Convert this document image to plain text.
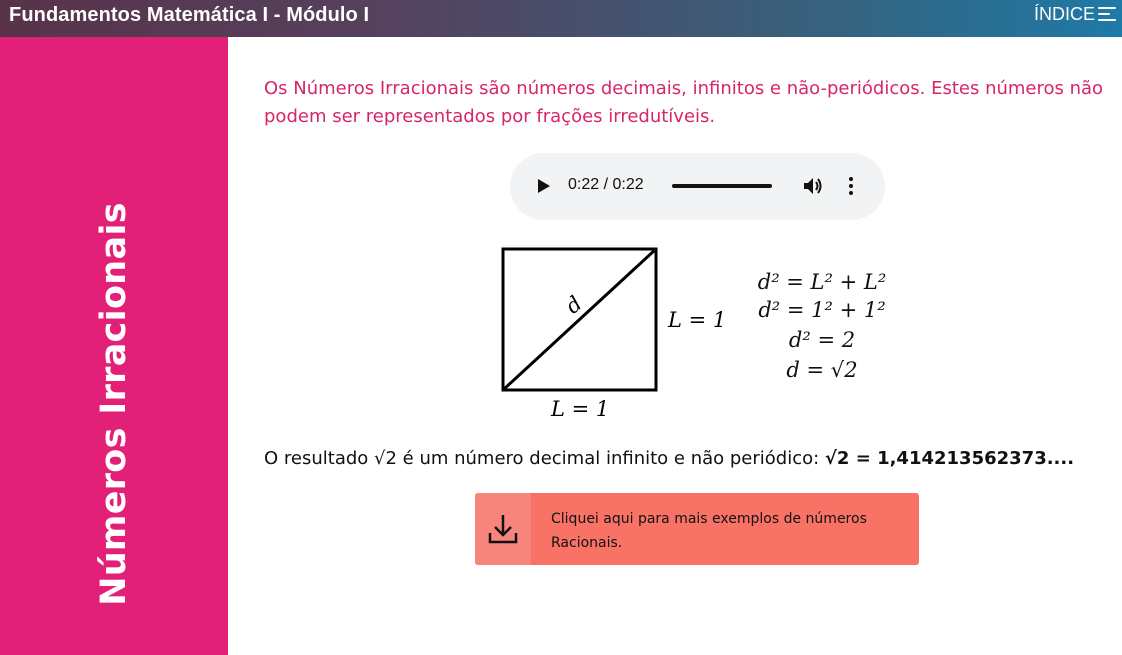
Fundamentos Matemática I - Módulo I	ÍNDICE
Números Irracionais
Os Números Irracionais são números decimais, infinitos e não-periódicos. Estes números não podem ser representados por frações irredutíveis.
0:22 / 0:22
d
L = 1
L = 1
d² = L² + L²
d² = 1² + 1²
d² = 2
d = √2
O resultado √2 é um número decimal infinito e não periódico: √2 = 1,414213562373....
Cliquei aqui para mais exemplos de números Racionais.
